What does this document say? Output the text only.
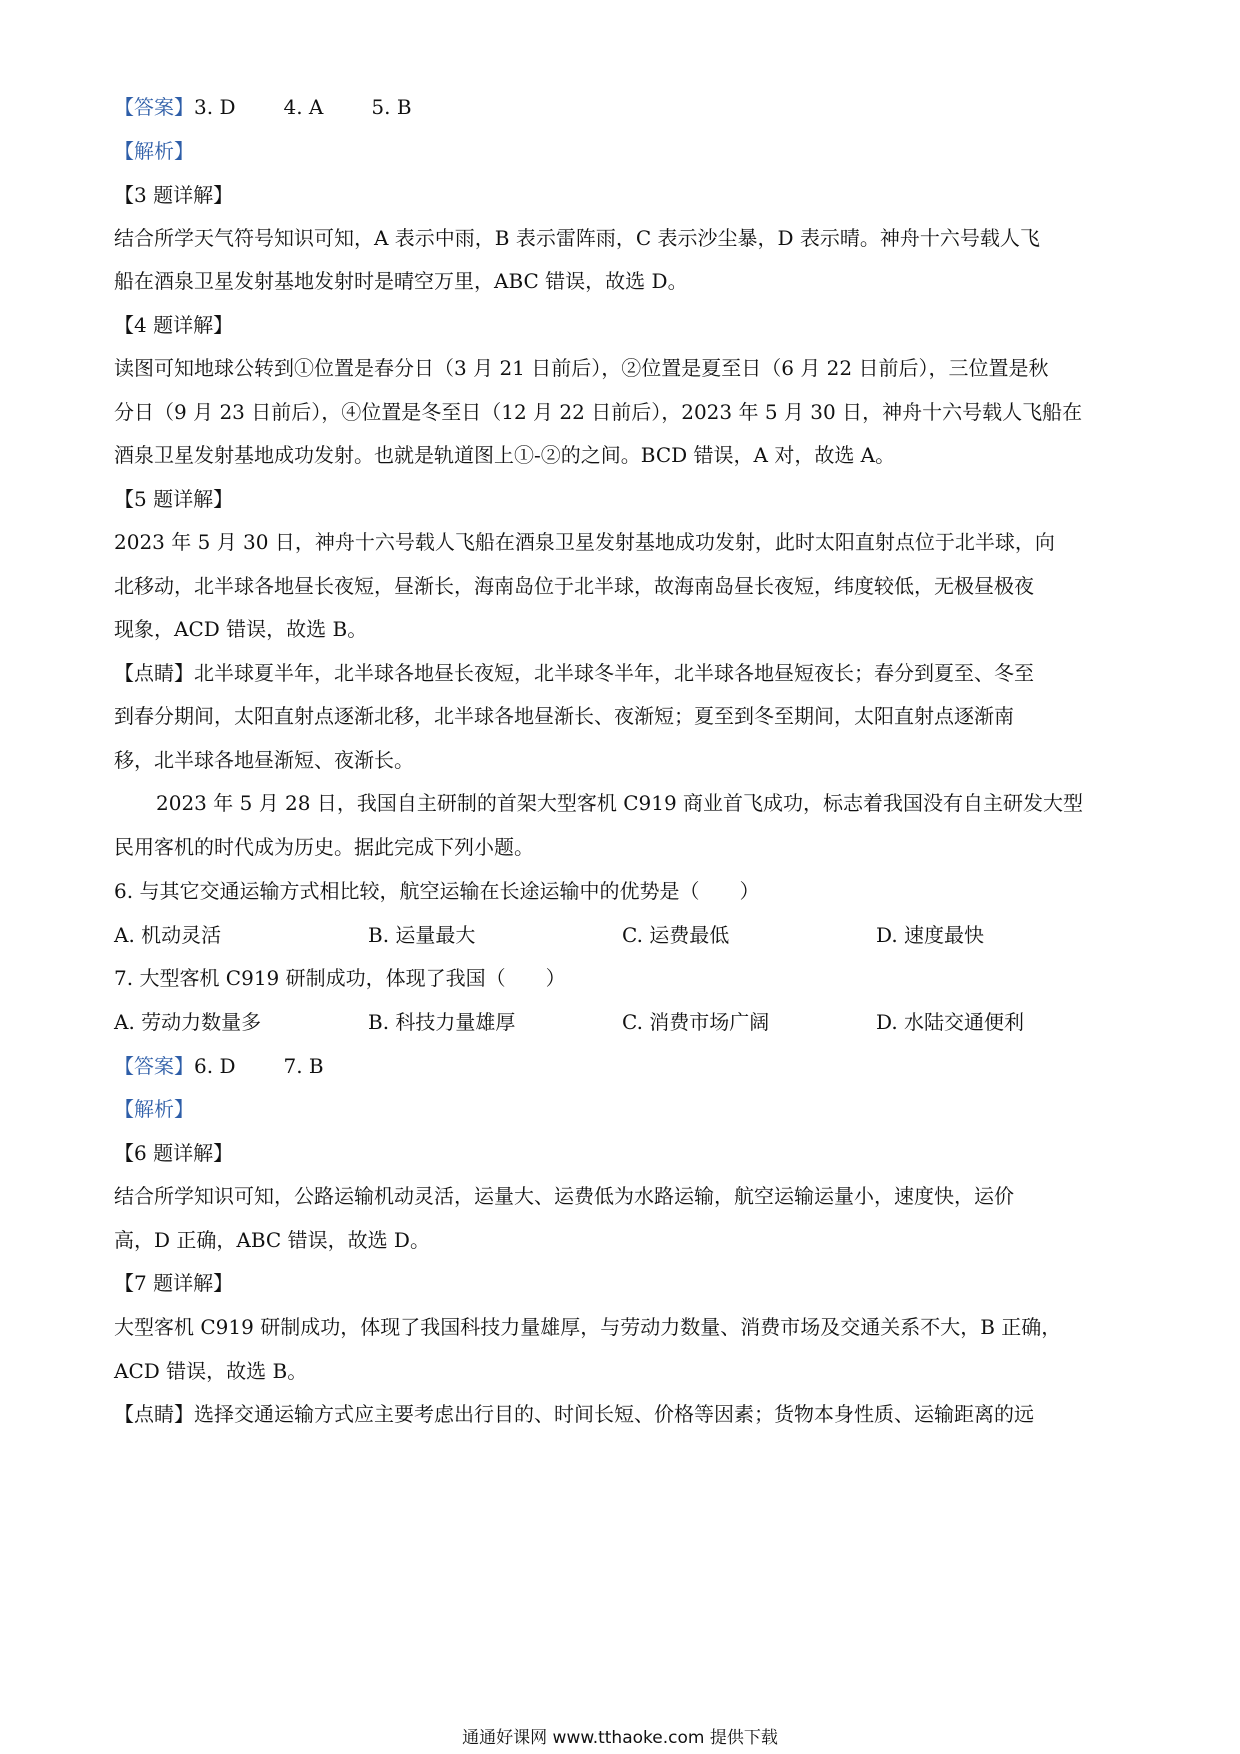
【答案】3. D 4. A 5. B
【解析】
【3 题详解】
结合所学天气符号知识可知，A 表示中雨，B 表示雷阵雨，C 表示沙尘暴，D 表示晴。神舟十六号载人飞
船在酒泉卫星发射基地发射时是晴空万里，ABC 错误，故选 D。
【4 题详解】
读图可知地球公转到①位置是春分日（3 月 21 日前后），②位置是夏至日（6 月 22 日前后），三位置是秋
分日（9 月 23 日前后），④位置是冬至日（12 月 22 日前后），2023 年 5 月 30 日，神舟十六号载人飞船在
酒泉卫星发射基地成功发射。也就是轨道图上①-②的之间。BCD 错误，A 对，故选 A。
【5 题详解】
2023 年 5 月 30 日，神舟十六号载人飞船在酒泉卫星发射基地成功发射，此时太阳直射点位于北半球，向
北移动，北半球各地昼长夜短，昼渐长，海南岛位于北半球，故海南岛昼长夜短，纬度较低，无极昼极夜
现象，ACD 错误，故选 B。
【点睛】北半球夏半年，北半球各地昼长夜短，北半球冬半年，北半球各地昼短夜长；春分到夏至、冬至
到春分期间，太阳直射点逐渐北移，北半球各地昼渐长、夜渐短；夏至到冬至期间，太阳直射点逐渐南
移，北半球各地昼渐短、夜渐长。
2023 年 5 月 28 日，我国自主研制的首架大型客机 C919 商业首飞成功，标志着我国没有自主研发大型
民用客机的时代成为历史。据此完成下列小题。
6. 与其它交通运输方式相比较，航空运输在长途运输中的优势是（　　）
A. 机动灵活	B. 运量最大	C. 运费最低	D. 速度最快
7. 大型客机 C919 研制成功，体现了我国（　　）
A. 劳动力数量多	B. 科技力量雄厚	C. 消费市场广阔	D. 水陆交通便利
【答案】6. D 7. B
【解析】
【6 题详解】
结合所学知识可知，公路运输机动灵活，运量大、运费低为水路运输，航空运输运量小，速度快，运价
高，D 正确，ABC 错误，故选 D。
【7 题详解】
大型客机 C919 研制成功，体现了我国科技力量雄厚，与劳动力数量、消费市场及交通关系不大，B 正确，
ACD 错误，故选 B。
【点睛】选择交通运输方式应主要考虑出行目的、时间长短、价格等因素；货物本身性质、运输距离的远
通通好课网 www.tthaoke.com 提供下载
